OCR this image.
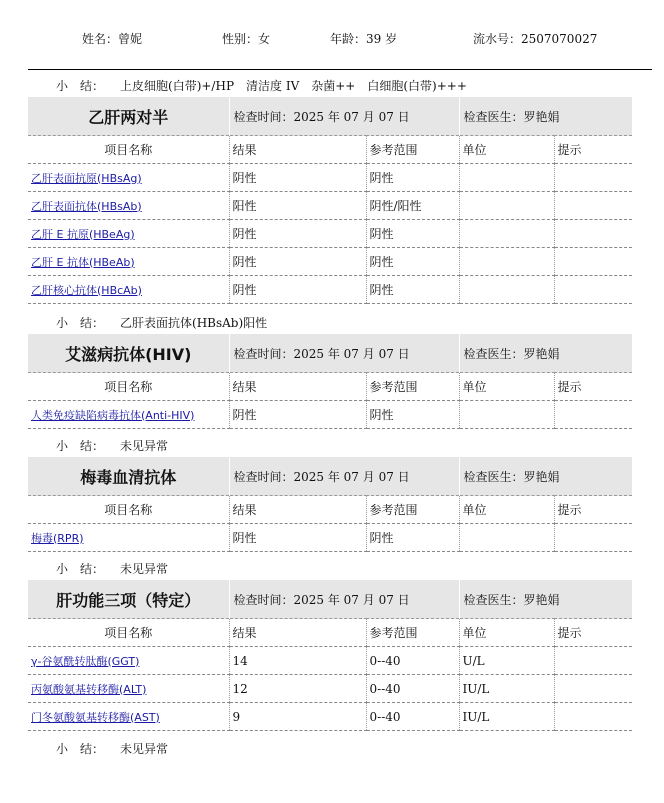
姓名：曾妮	性别：女	年龄：39 岁	流水号：2507070027
小　结： 上皮细胞(白带)+/HP　清洁度 IV　杂菌++　白细胞(白带)+++
乙肝两对半	检查时间：2025 年 07 月 07 日		检查医生：罗艳娟	
项目名称	结果	参考范围	单位	提示
乙肝表面抗原(HBsAg)	阴性	阴性		
乙肝表面抗体(HBsAb)	阳性	阴性/阳性		
乙肝 E 抗原(HBeAg)	阴性	阴性		
乙肝 E 抗体(HBeAb)	阴性	阴性		
乙肝核心抗体(HBcAb)	阴性	阴性		
小　结： 乙肝表面抗体(HBsAb)阳性
艾滋病抗体(HIV)	检查时间：2025 年 07 月 07 日		检查医生：罗艳娟	
项目名称	结果	参考范围	单位	提示
人类免疫缺陷病毒抗体(Anti-HIV)	阴性	阴性		
小　结： 未见异常
梅毒血清抗体	检查时间：2025 年 07 月 07 日		检查医生：罗艳娟	
项目名称	结果	参考范围	单位	提示
梅毒(RPR)	阴性	阴性		
小　结： 未见异常
肝功能三项（特定）	检查时间：2025 年 07 月 07 日		检查医生：罗艳娟	
项目名称	结果	参考范围	单位	提示
γ-谷氨酰转肽酶(GGT)	14	0--40	U/L	
丙氨酸氨基转移酶(ALT)	12	0--40	IU/L	
门冬氨酸氨基转移酶(AST)	9	0--40	IU/L	
小　结： 未见异常
